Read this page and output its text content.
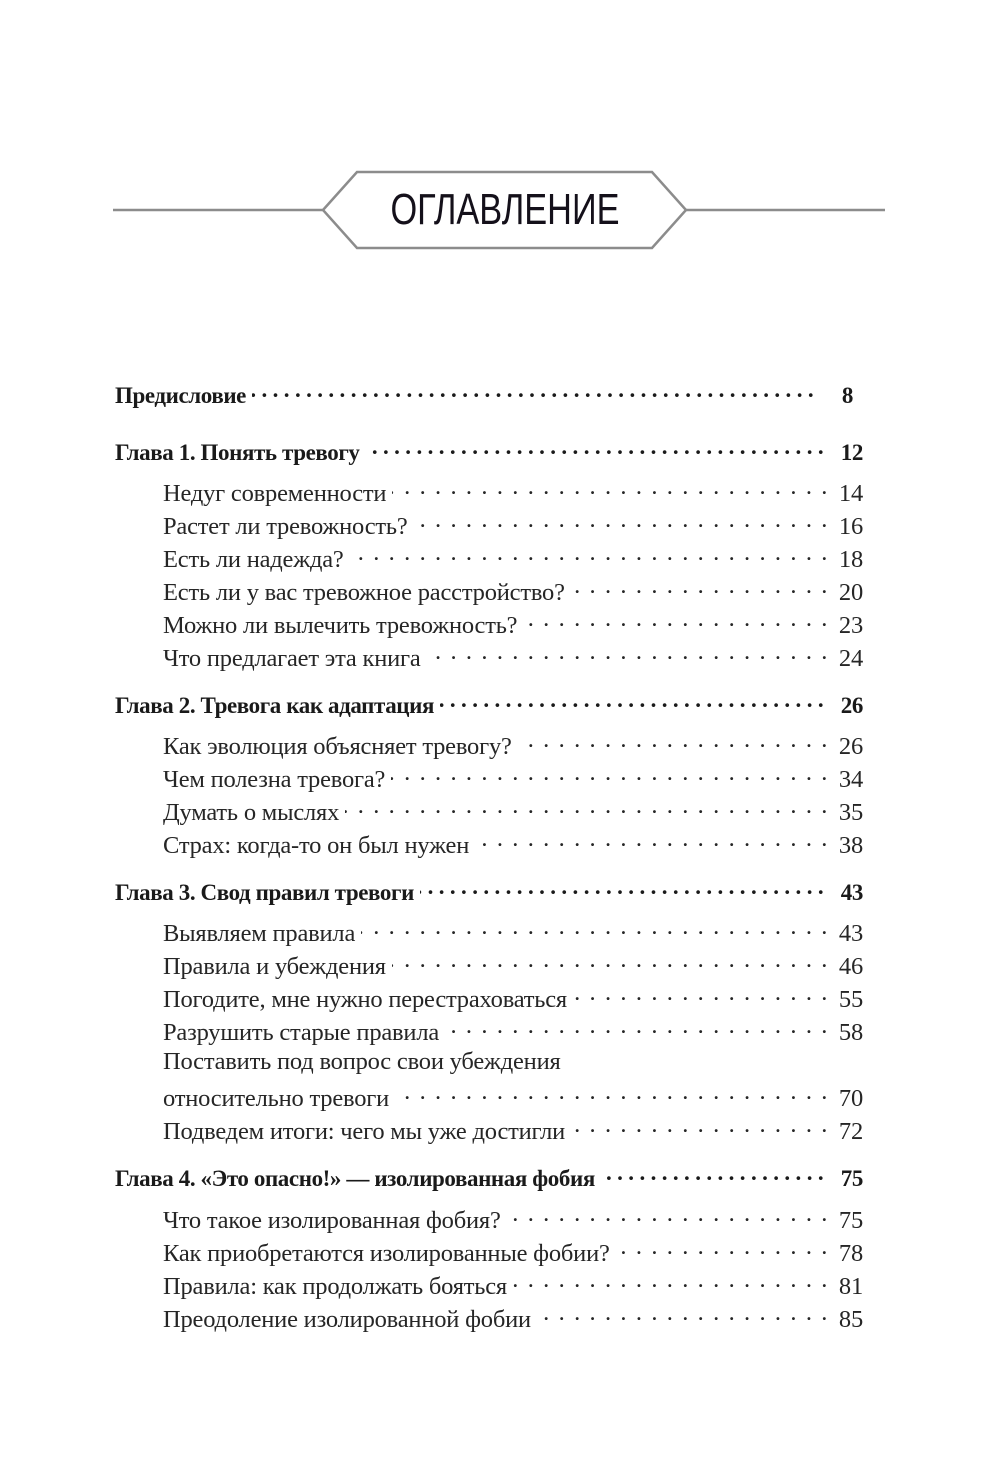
ОГЛАВЛЕНИЕ
Предисловие .....	8
Глава 1. Понять тревогу .....	12
Недуг современности . . .	14
Растет ли тревожность? . . .	16
Есть ли надежда? . . .	18
Есть ли у вас тревожное расстройство? . . .	20
Можно ли вылечить тревожность? . . .	23
Что предлагает эта книга . . .	24
Глава 2. Тревога как адаптация .....	26
Как эволюция объясняет тревогу? . . .	26
Чем полезна тревога? . . .	34
Думать о мыслях . . .	35
Страх: когда-то он был нужен . . .	38
Глава 3. Свод правил тревоги .....	43
Выявляем правила . . .	43
Правила и убеждения . . .	46
Погодите, мне нужно перестраховаться . . .	55
Разрушить старые правила . . .	58
Поставить под вопрос свои убеждения
относительно тревоги . . .	70
Подведем итоги: чего мы уже достигли . . .	72
Глава 4. «Это опасно!» — изолированная фобия .....	75
Что такое изолированная фобия? . . .	75
Как приобретаются изолированные фобии? . . .	78
Правила: как продолжать бояться . . .	81
Преодоление изолированной фобии . . .	85
